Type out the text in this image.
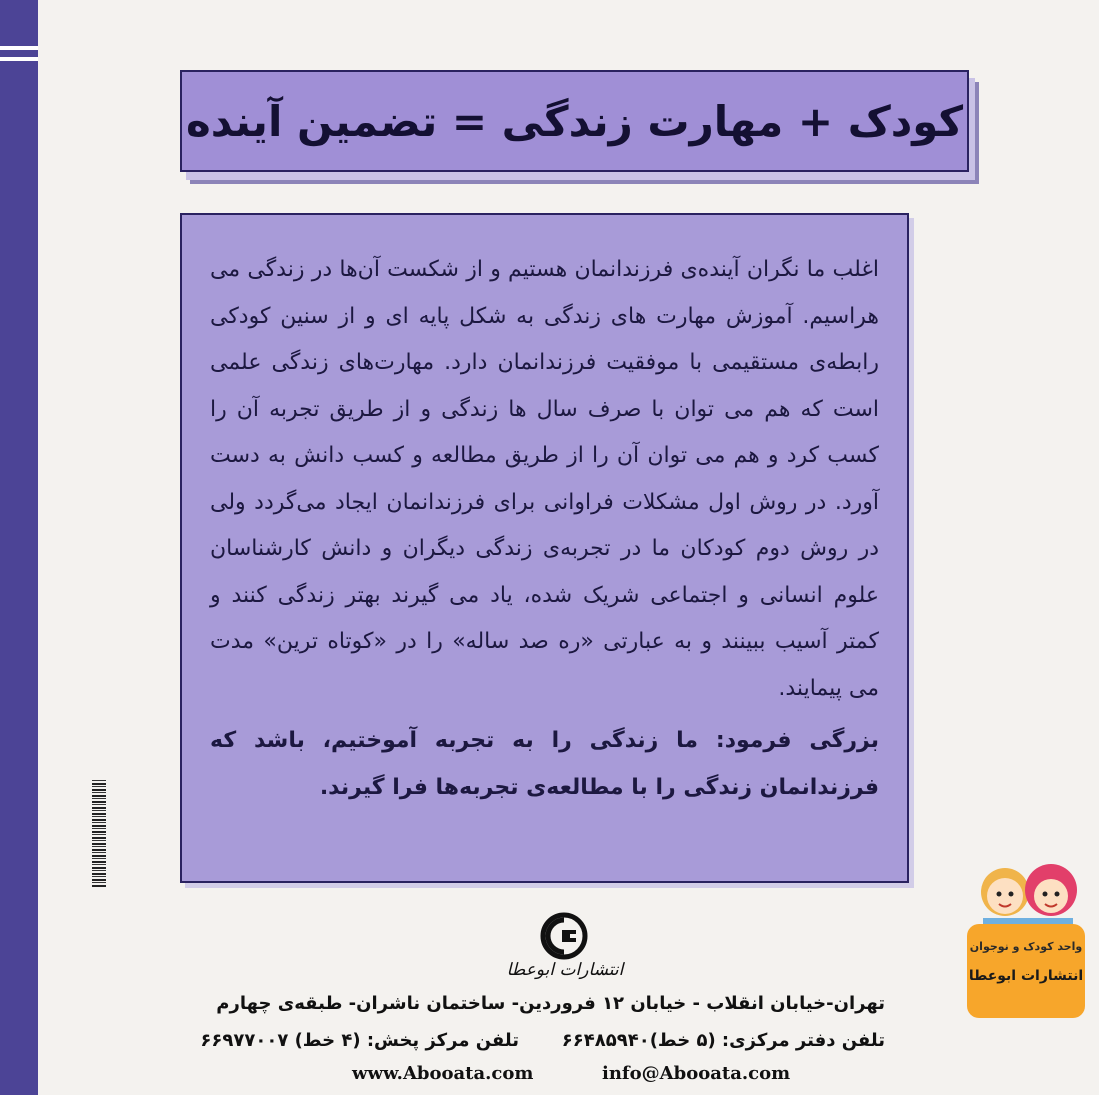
کودک + مهارت زندگی = تضمین آینده

اغلب ما نگران آینده‌ی فرزندانمان هستیم و از شکست آن‌ها در زندگی می هراسیم. آموزش مهارت های زندگی به شکل پایه ای و از سنین کودکی رابطه‌ی مستقیمی با موفقیت فرزندانمان دارد. مهارت‌های زندگی علمی است که هم می توان با صرف سال ها زندگی و از طریق تجربه آن را کسب کرد و هم می توان آن را از طریق مطالعه و کسب دانش به دست آورد. در روش اول مشکلات فراوانی برای فرزندانمان ایجاد می‌گردد ولی در روش دوم کودکان ما در تجربه‌ی زندگی دیگران و دانش کارشناسان علوم انسانی و اجتماعی شریک شده، یاد می گیرند بهتر زندگی کنند و کمتر آسیب ببینند و به عبارتی «ره صد ساله» را در «کوتاه ترین» مدت می پیمایند.

بزرگی فرمود: ما زندگی را به تجربه آموختیم، باشد که فرزندانمان زندگی را با مطالعه‌ی تجربه‌ها فرا گیرند.

انتشارات ابوعطا
واحد کودک و نوجوان
انتشارات ابوعطا
تهران-خیابان انقلاب - خیابان ۱۲ فروردین- ساختمان ناشران- طبقه‌ی چهارم
تلفن دفتر مرکزی: (۵ خط)۶۶۴۸۵۹۴۰
تلفن مرکز پخش: (۴ خط) ۶۶۹۷۷۰۰۷
www.Abooata.com	info@Abooata.com
